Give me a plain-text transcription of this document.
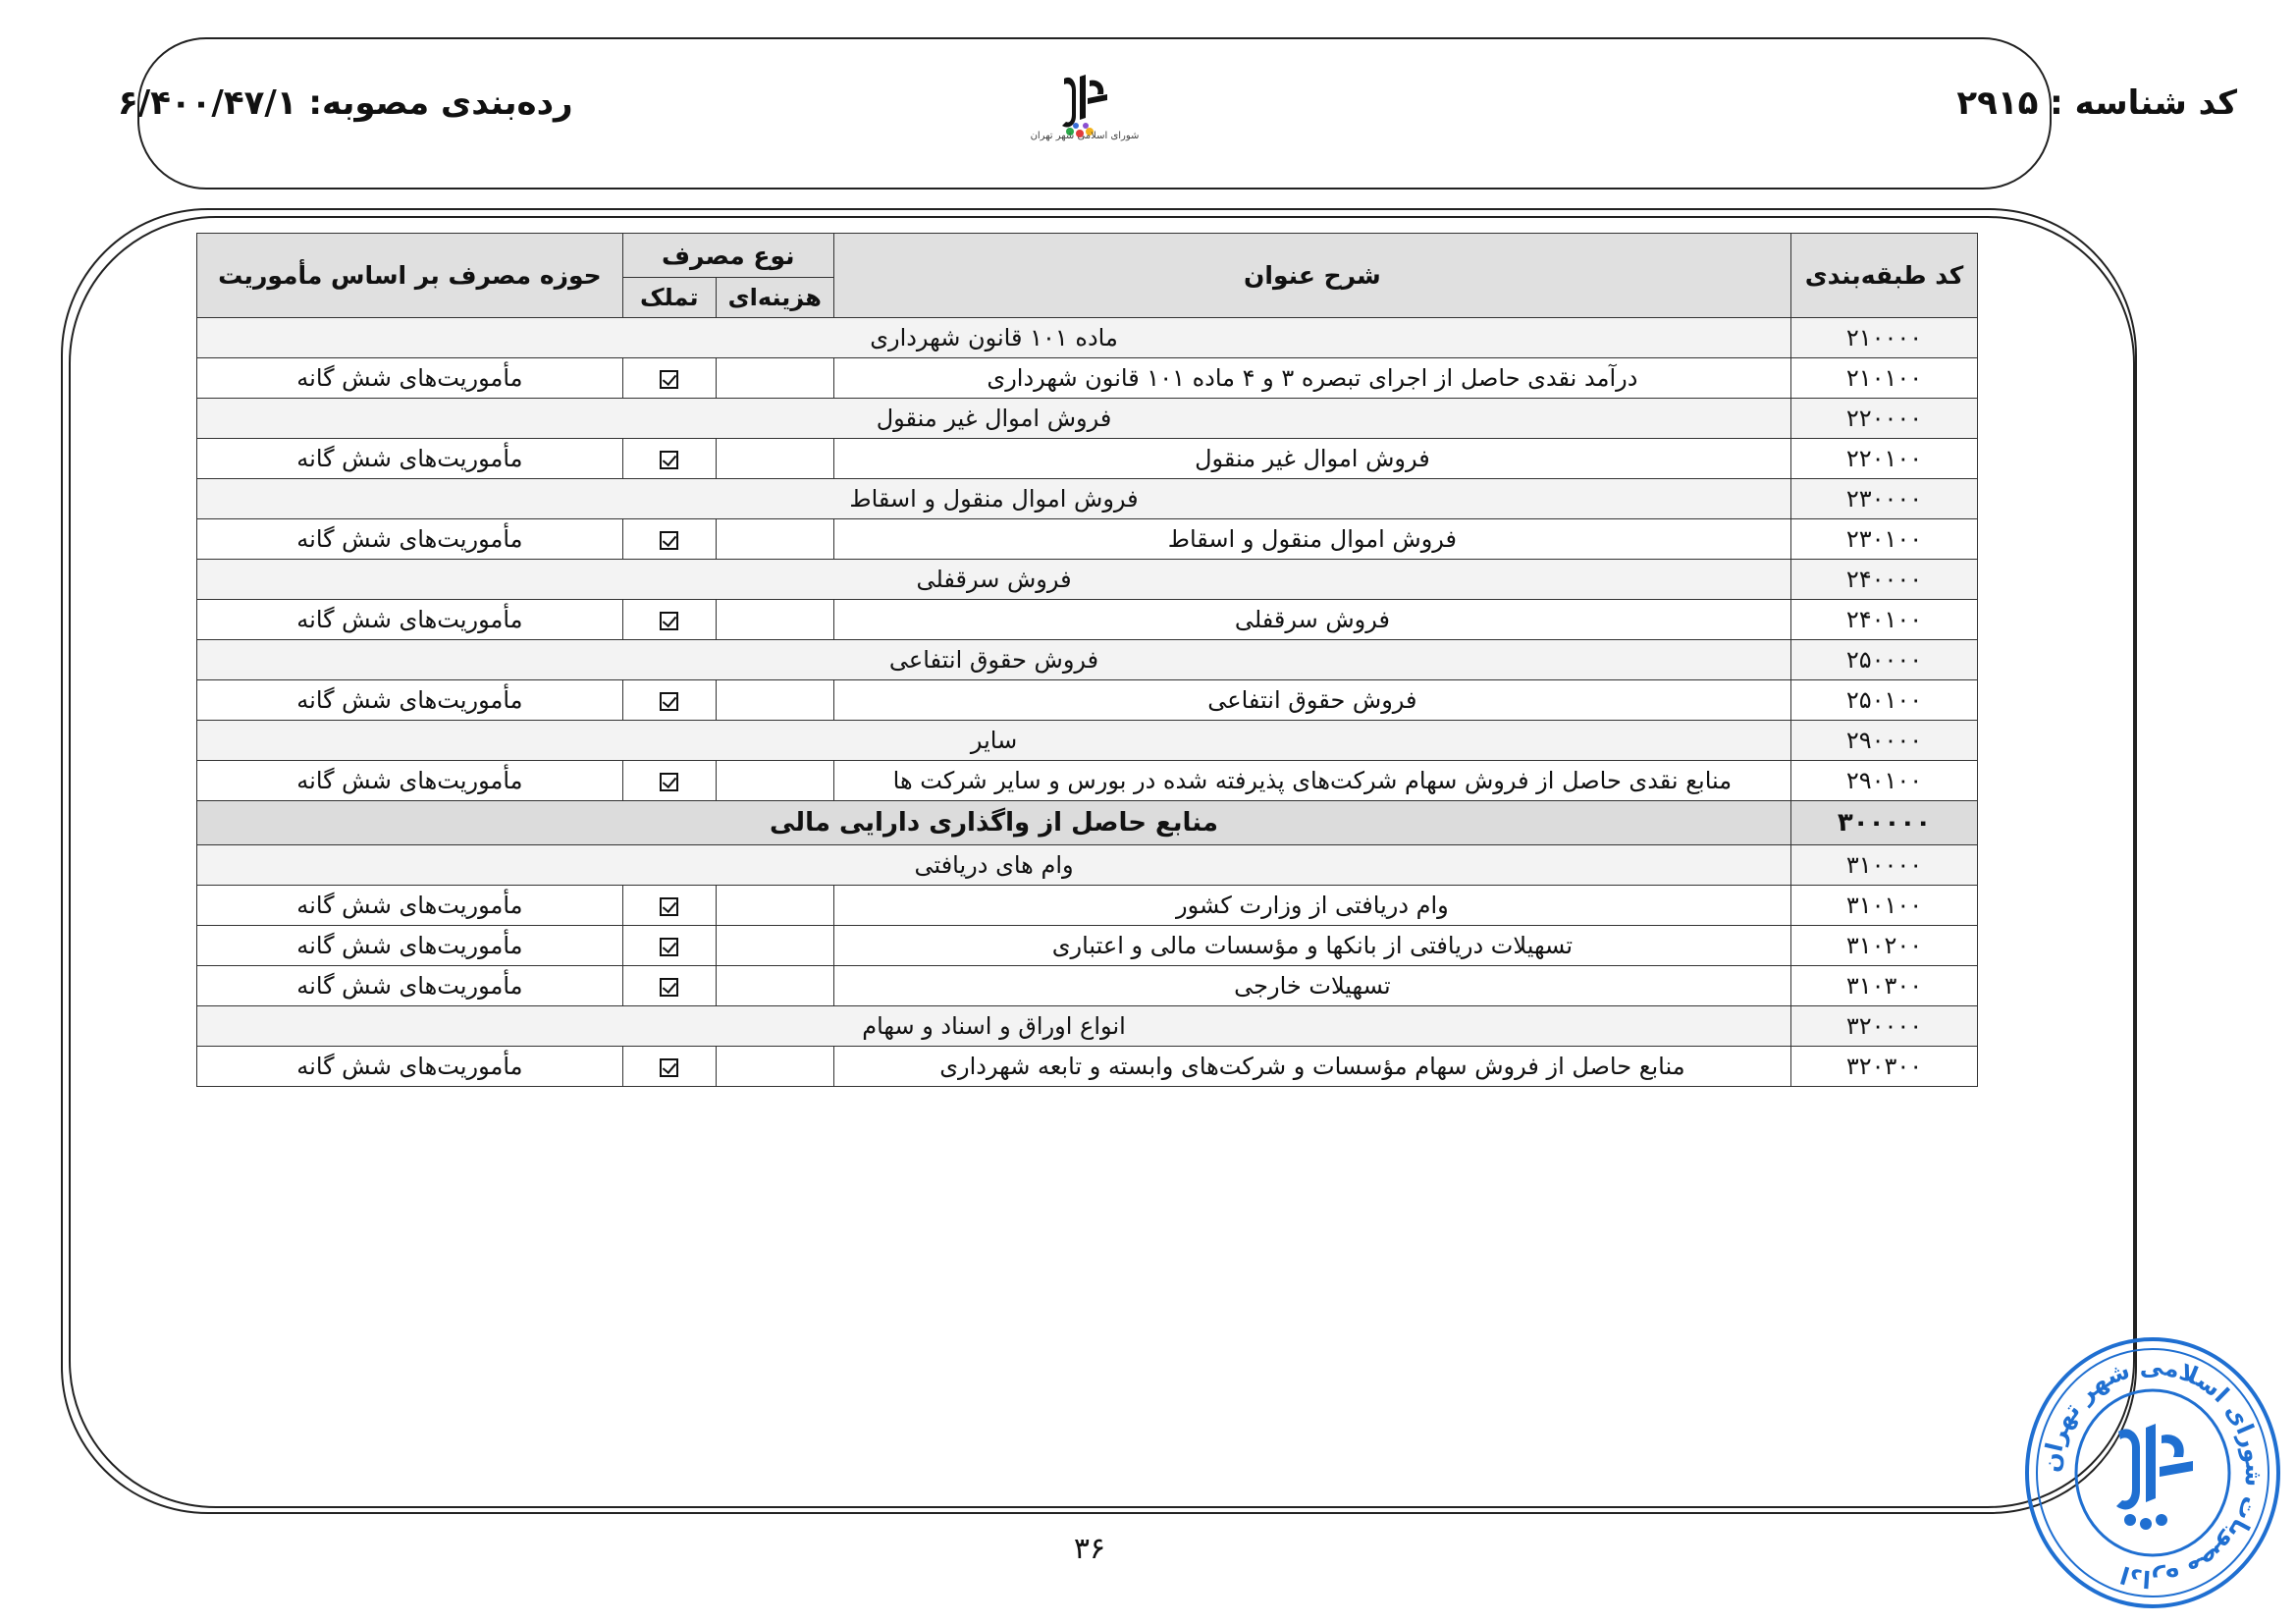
کد شناسه : ۲۹۱۵
رده‌بندی مصوبه: ۶/۴۰۰/۴۷/۱
شورای اسلامی شهر تهران
کد طبقه‌بندی	شرح عنوان	نوع مصرف		حوزه مصرف بر اساس مأموریت
		هزینه‌ای	تملک	
۲۱۰۰۰۰	ماده ۱۰۱ قانون شهرداری			
۲۱۰۱۰۰	درآمد نقدی حاصل از اجرای تبصره ۳ و ۴ ماده ۱۰۱ قانون شهرداری			مأموریت‌های شش گانه
۲۲۰۰۰۰	فروش اموال غیر منقول			
۲۲۰۱۰۰	فروش اموال غیر منقول			مأموریت‌های شش گانه
۲۳۰۰۰۰	فروش اموال منقول و اسقاط			
۲۳۰۱۰۰	فروش اموال منقول و اسقاط			مأموریت‌های شش گانه
۲۴۰۰۰۰	فروش سرقفلی			
۲۴۰۱۰۰	فروش سرقفلی			مأموریت‌های شش گانه
۲۵۰۰۰۰	فروش حقوق انتفاعی			
۲۵۰۱۰۰	فروش حقوق انتفاعی			مأموریت‌های شش گانه
۲۹۰۰۰۰	سایر			
۲۹۰۱۰۰	منابع نقدی حاصل از فروش سهام شرکت‌های پذیرفته شده در بورس و سایر شرکت ها			مأموریت‌های شش گانه
۳۰۰۰۰۰	منابع حاصل از واگذاری دارایی مالی			
۳۱۰۰۰۰	وام های دریافتی			
۳۱۰۱۰۰	وام دریافتی از وزارت کشور			مأموریت‌های شش گانه
۳۱۰۲۰۰	تسهیلات دریافتی از بانکها و مؤسسات مالی و اعتباری			مأموریت‌های شش گانه
۳۱۰۳۰۰	تسهیلات خارجی			مأموریت‌های شش گانه
۳۲۰۰۰۰	انواع اوراق و اسناد و سهام			
۳۲۰۳۰۰	منابع حاصل از فروش سهام مؤسسات و شرکت‌های وابسته و تابعه شهرداری			مأموریت‌های شش گانه
۳۶
اداره مصوبات شورای اسلامی شهر تهران
